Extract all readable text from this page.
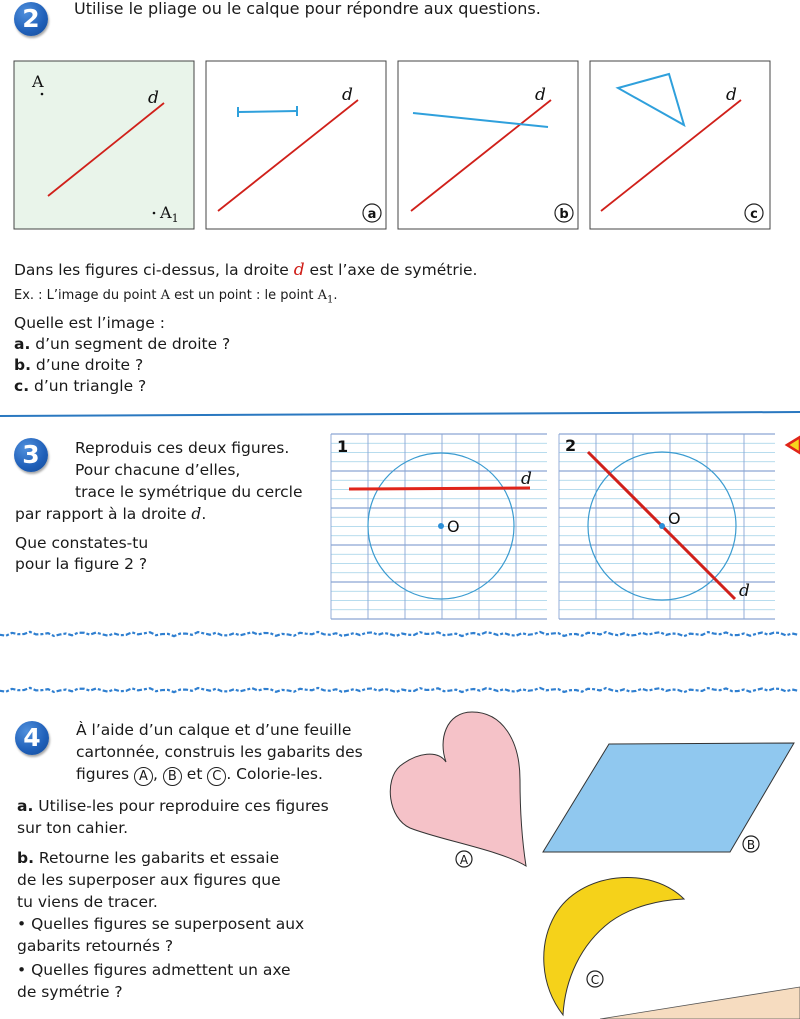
2	Utilise le pliage ou le calque pour répondre aux questions.
d
A
$A_1$
d
a
d
b
d
c
Dans les figures ci-dessus, la droite d est l’axe de symétrie.
Ex. : L’image du point A est un point : le point $A_1$.
Quelle est l’image :
a. d’un segment de droite ?
b. d’une droite ?
c. d’un triangle ?
3	Reproduis ces deux figures.
Pour chacune d’elles,
trace le symétrique du cercle
par rapport à la droite d.
Que constates-tu
pour la figure 2 ?
O
d
1
O
d
2
4	À l’aide d’un calque et d’une feuille
cartonnée, construis les gabarits des
figures A , B et C . Colorie-les.
a. Utilise-les pour reproduire ces figures
sur ton cahier.
b. Retourne les gabarits et essaie
de les superposer aux figures que
tu viens de tracer.
• Quelles figures se superposent aux
gabarits retournés ?
• Quelles figures admettent un axe
de symétrie ?
A
B
C
